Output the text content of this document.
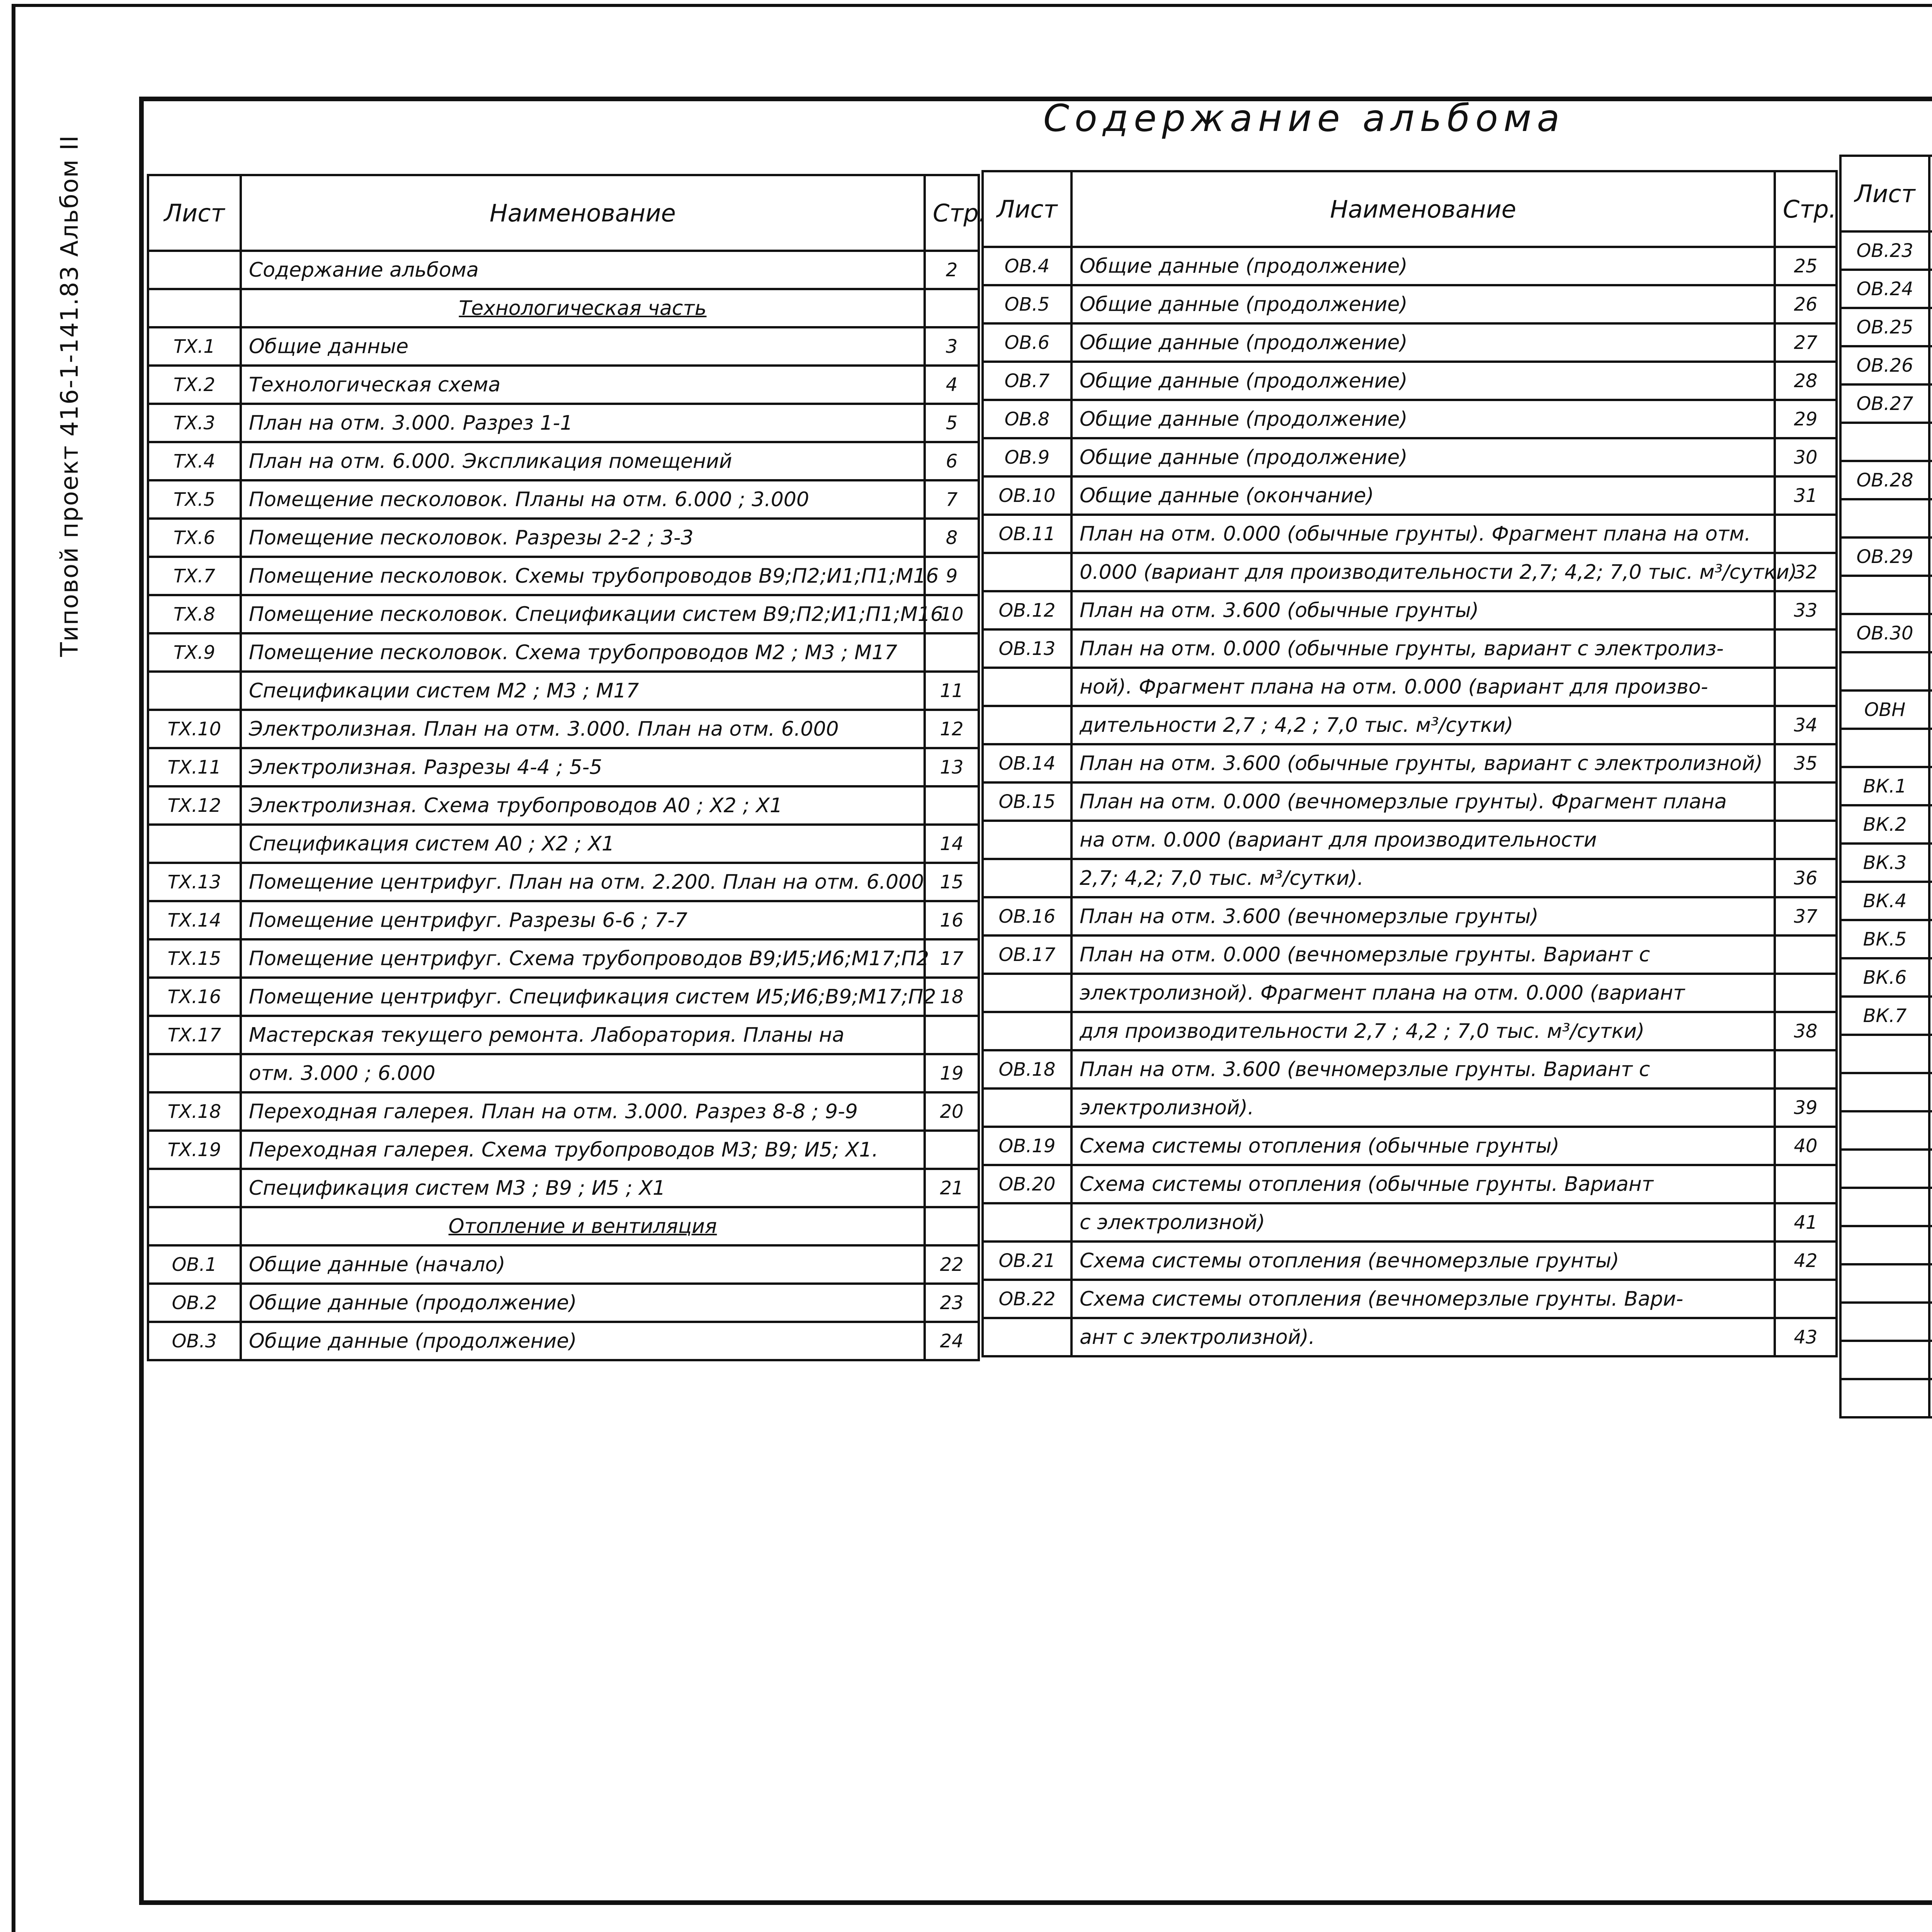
Типовой проект 416-1-141.83 Альбом II
Содержание альбома
Лист	Наименование	Стр.
	Содержание альбома	2
	Технологическая часть	
ТХ.1	Общие данные	3
ТХ.2	Технологическая схема	4
ТХ.3	План на отм. 3.000. Разрез 1-1	5
ТХ.4	План на отм. 6.000. Экспликация помещений	6
ТХ.5	Помещение песколовок. Планы на отм. 6.000 ; 3.000	7
ТХ.6	Помещение песколовок. Разрезы 2-2 ; 3-3	8
ТХ.7	Помещение песколовок. Схемы трубопроводов В9;П2;И1;П1;М16	9
ТХ.8	Помещение песколовок. Спецификации систем В9;П2;И1;П1;М16	10
ТХ.9	Помещение песколовок. Схема трубопроводов М2 ; М3 ; М17	
	Спецификации систем М2 ; М3 ; М17	11
ТХ.10	Электролизная. План на отм. 3.000. План на отм. 6.000	12
ТХ.11	Электролизная. Разрезы 4-4 ; 5-5	13
ТХ.12	Электролизная. Схема трубопроводов А0 ; Х2 ; Х1	
	Спецификация систем А0 ; Х2 ; Х1	14
ТХ.13	Помещение центрифуг. План на отм. 2.200. План на отм. 6.000	15
ТХ.14	Помещение центрифуг. Разрезы 6-6 ; 7-7	16
ТХ.15	Помещение центрифуг. Схема трубопроводов В9;И5;И6;М17;П2	17
ТХ.16	Помещение центрифуг. Спецификация систем И5;И6;В9;М17;П2	18
ТХ.17	Мастерская текущего ремонта. Лаборатория. Планы на	
	отм. 3.000 ; 6.000	19
ТХ.18	Переходная галерея. План на отм. 3.000. Разрез 8-8 ; 9-9	20
ТХ.19	Переходная галерея. Схема трубопроводов М3; В9; И5; Х1.	
	Спецификация систем М3 ; В9 ; И5 ; Х1	21
	Отопление и вентиляция	
ОВ.1	Общие данные (начало)	22
ОВ.2	Общие данные (продолжение)	23
ОВ.3	Общие данные (продолжение)	24
Лист	Наименование	Стр.
ОВ.4	Общие данные (продолжение)	25
ОВ.5	Общие данные (продолжение)	26
ОВ.6	Общие данные (продолжение)	27
ОВ.7	Общие данные (продолжение)	28
ОВ.8	Общие данные (продолжение)	29
ОВ.9	Общие данные (продолжение)	30
ОВ.10	Общие данные (окончание)	31
ОВ.11	План на отм. 0.000 (обычные грунты). Фрагмент плана на отм.	
	0.000 (вариант для производительности 2,7; 4,2; 7,0 тыс. м³/сутки)	32
ОВ.12	План на отм. 3.600 (обычные грунты)	33
ОВ.13	План на отм. 0.000 (обычные грунты, вариант с электролиз-	
	ной). Фрагмент плана на отм. 0.000 (вариант для произво-	
	дительности 2,7 ; 4,2 ; 7,0 тыс. м³/сутки)	34
ОВ.14	План на отм. 3.600 (обычные грунты, вариант с электролизной)	35
ОВ.15	План на отм. 0.000 (вечномерзлые грунты). Фрагмент плана	
	на отм. 0.000 (вариант для производительности	
	2,7; 4,2; 7,0 тыс. м³/сутки).	36
ОВ.16	План на отм. 3.600 (вечномерзлые грунты)	37
ОВ.17	План на отм. 0.000 (вечномерзлые грунты. Вариант с	
	электролизной). Фрагмент плана на отм. 0.000 (вариант	
	для производительности 2,7 ; 4,2 ; 7,0 тыс. м³/сутки)	38
ОВ.18	План на отм. 3.600 (вечномерзлые грунты. Вариант с	
	электролизной).	39
ОВ.19	Схема системы отопления (обычные грунты)	40
ОВ.20	Схема системы отопления (обычные грунты. Вариант	
	с электролизной)	41
ОВ.21	Схема системы отопления (вечномерзлые грунты)	42
ОВ.22	Схема системы отопления (вечномерзлые грунты. Вари-	
	ант с электролизной).	43
Лист		
ОВ.23		
ОВ.24		
ОВ.25		
ОВ.26		
ОВ.27		

ОВ.28		

ОВ.29		

ОВ.30		

ОВН		

ВК.1		
ВК.2		
ВК.3		
ВК.4		
ВК.5		
ВК.6		
ВК.7		
